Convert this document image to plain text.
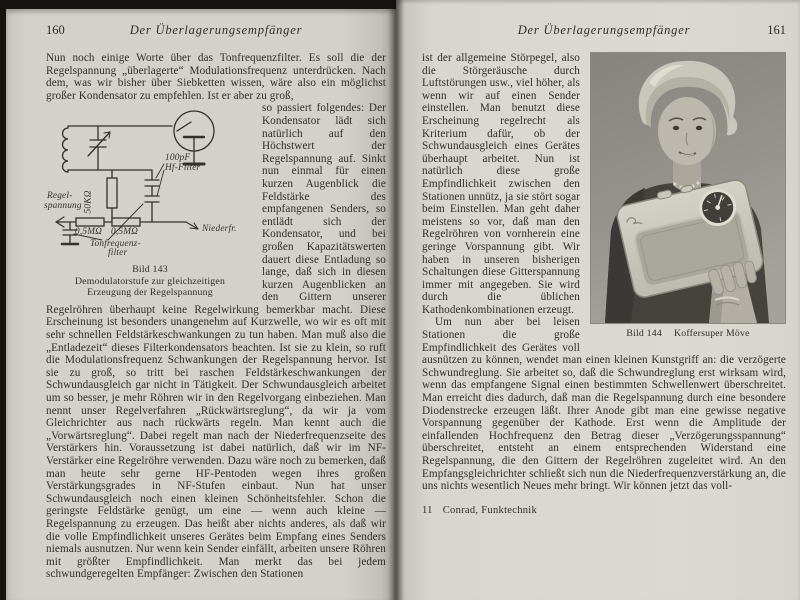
160	Der Überlagerungsempfänger

Nun noch einige Worte über das Tonfrequenzfilter. Es soll die der Regelspannung „überlagerte“ Modulationsfrequenz unterdrücken. Nach dem, was wir bisher über Siebketten wissen, wäre also ein möglichst großer Kondensator zu empfehlen. Ist er aber zu groß,

Regel-
spannung 50KΩ
100pF
Hf-Filter
0,5MΩ 0,5MΩ	Niederfr.
Tonfrequenz-
filter
Bild 143
Demodulatorstufe zur gleichzeitigen
Erzeugung der Regelspannung

so passiert folgendes: Der Kondensator lädt sich natürlich auf den Höchstwert der Regelspannung auf. Sinkt nun einmal für einen kurzen Augenblick die Feldstärke des empfangenen Senders, so entlädt sich der Kondensator, und bei großen Kapazitätswerten dauert diese Entladung so lange, daß sich in diesen kurzen Augenblicken an den Gittern unserer Regelröhren überhaupt keine Regelwirkung bemerkbar macht. Diese Erscheinung ist besonders unangenehm auf Kurzwelle, wo wir es oft mit sehr schnellen Feldstärkeschwankungen zu tun haben. Man muß also die „Entladezeit“ dieses Filterkondensators beachten. Ist sie zu klein, so ruft die Modulationsfrequenz Schwankungen der Regelspannung hervor. Ist sie zu groß, so tritt bei raschen Feldstärkeschwankungen der Schwundausgleich gar nicht in Tätigkeit. Der Schwundausgleich arbeitet um so besser, je mehr Röhren wir in den Regelvorgang einbeziehen. Man nennt unser Regelverfahren „Rückwärtsreglung“, da wir ja vom Gleichrichter aus nach rückwärts regeln. Man kennt auch die „Vorwärtsreglung“. Dabei regelt man nach der Niederfrequenzseite des Verstärkers hin. Voraussetzung ist dabei natürlich, daß wir im NF-Verstärker eine Regelröhre verwenden. Dazu wäre noch zu bemerken, daß man heute sehr gerne HF-Pentoden wegen ihres großen Verstärkungsgrades in NF-Stufen einbaut. Nun hat unser Schwundausgleich noch einen kleinen Schönheitsfehler. Schon die geringste Feldstärke genügt, um eine — wenn auch kleine — Regelspannung zu erzeugen. Das heißt aber nichts anderes, als daß wir die volle Empfindlichkeit unseres Gerätes beim Empfang eines Senders niemals ausnutzen. Nur wenn kein Sender einfällt, arbeiten unsere Röhren mit größter Empfindlichkeit. Man merkt das bei jedem schwundgeregelten Empfänger: Zwischen den Stationen

Der Überlagerungsempfänger	161
Bild 144 Koffersuper Möve

ist der allgemeine Störpegel, also die Störgeräusche durch Luftstörungen usw., viel höher, als wenn wir auf einen Sender einstellen. Man benutzt diese Erscheinung regelrecht als Kriterium dafür, ob der Schwundausgleich eines Gerätes überhaupt arbeitet. Nun ist natürlich diese große Empfindlichkeit zwischen den Stationen unnütz, ja sie stört sogar beim Einstellen. Man geht daher meistens so vor, daß man den Regelröhren von vornherein eine geringe Vorspannung gibt. Wir haben in unseren bisherigen Schaltungen diese Gitterspannung immer mit angegeben. Sie wird durch die üblichen Kathodenkombinationen erzeugt.

Um nun aber bei leisen Stationen die große Empfindlichkeit des Gerätes voll ausnützen zu können, wendet man einen kleinen Kunstgriff an: die verzögerte Schwundreglung. Sie arbeitet so, daß die Schwundreglung erst wirksam wird, wenn das empfangene Signal einen bestimmten Schwellenwert überschreitet. Man erreicht dies dadurch, daß man die Regelspannung durch eine besondere Diodenstrecke erzeugen läßt. Ihrer Anode gibt man eine gewisse negative Vorspannung gegenüber der Kathode. Erst wenn die Amplitude der einfallenden Hochfrequenz den Betrag dieser „Verzögerungsspannung“ überschreitet, entsteht an einem entsprechenden Widerstand eine Regelspannung, die den Gittern der Regelröhren zugeleitet wird. An den Empfangsgleichrichter schließt sich nun die Niederfrequenzverstärkung an, die uns nichts wesentlich Neues mehr bringt. Wir können jetzt das voll-

11 Conrad, Funktechnik
